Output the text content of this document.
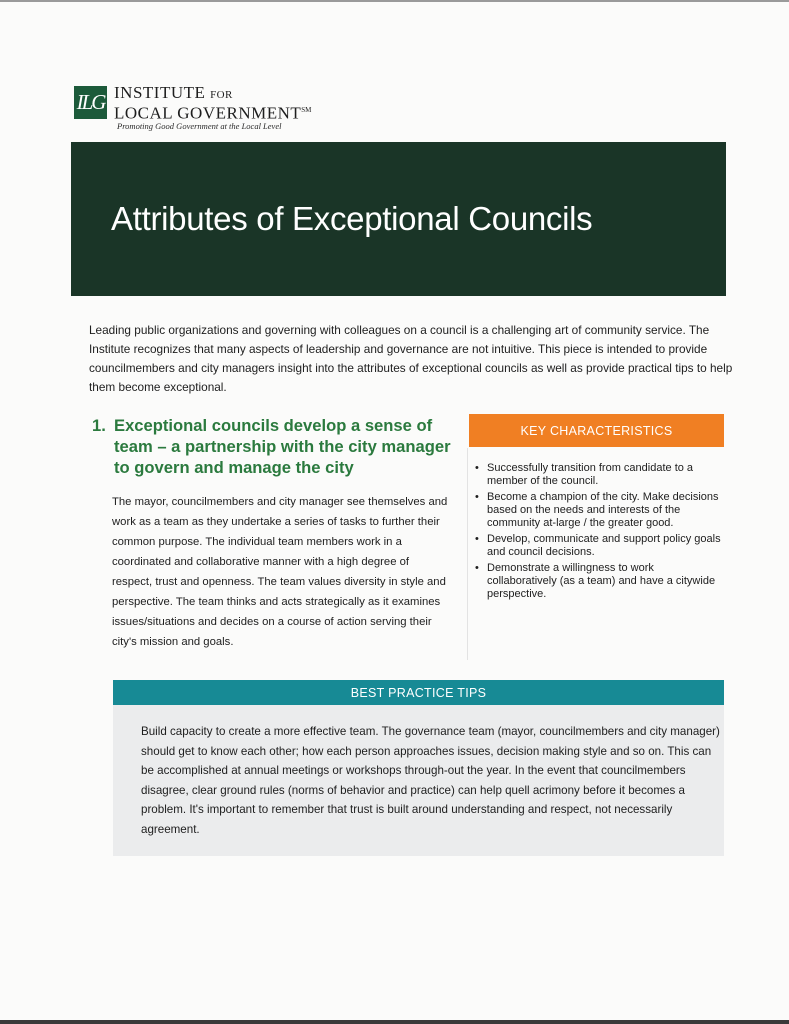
ILG INSTITUTE FOR
LOCAL GOVERNMENT℠
Promoting Good Government at the Local Level
Attributes of Exceptional Councils

Leading public organizations and governing with colleagues on a council is a challenging art of community service. The Institute recognizes that many aspects of leadership and governance are not intuitive. This piece is intended to provide councilmembers and city managers insight into the attributes of exceptional councils as well as provide practical tips to help them become exceptional.

1. Exceptional councils develop a sense of team – a partnership with the city manager to govern and manage the city

The mayor, councilmembers and city manager see themselves and work as a team as they undertake a series of tasks to further their common purpose. The individual team members work in a coordinated and collaborative manner with a high degree of respect, trust and openness. The team values diversity in style and perspective. The team thinks and acts strategically as it examines issues/situations and decides on a course of action serving their city's mission and goals.

KEY CHARACTERISTICS
• Successfully transition from candidate to a member of the council.
• Become a champion of the city. Make decisions based on the needs and interests of the community at-large / the greater good.
• Develop, communicate and support policy goals and council decisions.
• Demonstrate a willingness to work collaboratively (as a team) and have a citywide perspective.
BEST PRACTICE TIPS

Build capacity to create a more effective team. The governance team (mayor, councilmembers and city manager) should get to know each other; how each person approaches issues, decision making style and so on. This can be accomplished at annual meetings or workshops through-out the year. In the event that councilmembers disagree, clear ground rules (norms of behavior and practice) can help quell acrimony before it becomes a problem. It's important to remember that trust is built around understanding and respect, not necessarily agreement.
